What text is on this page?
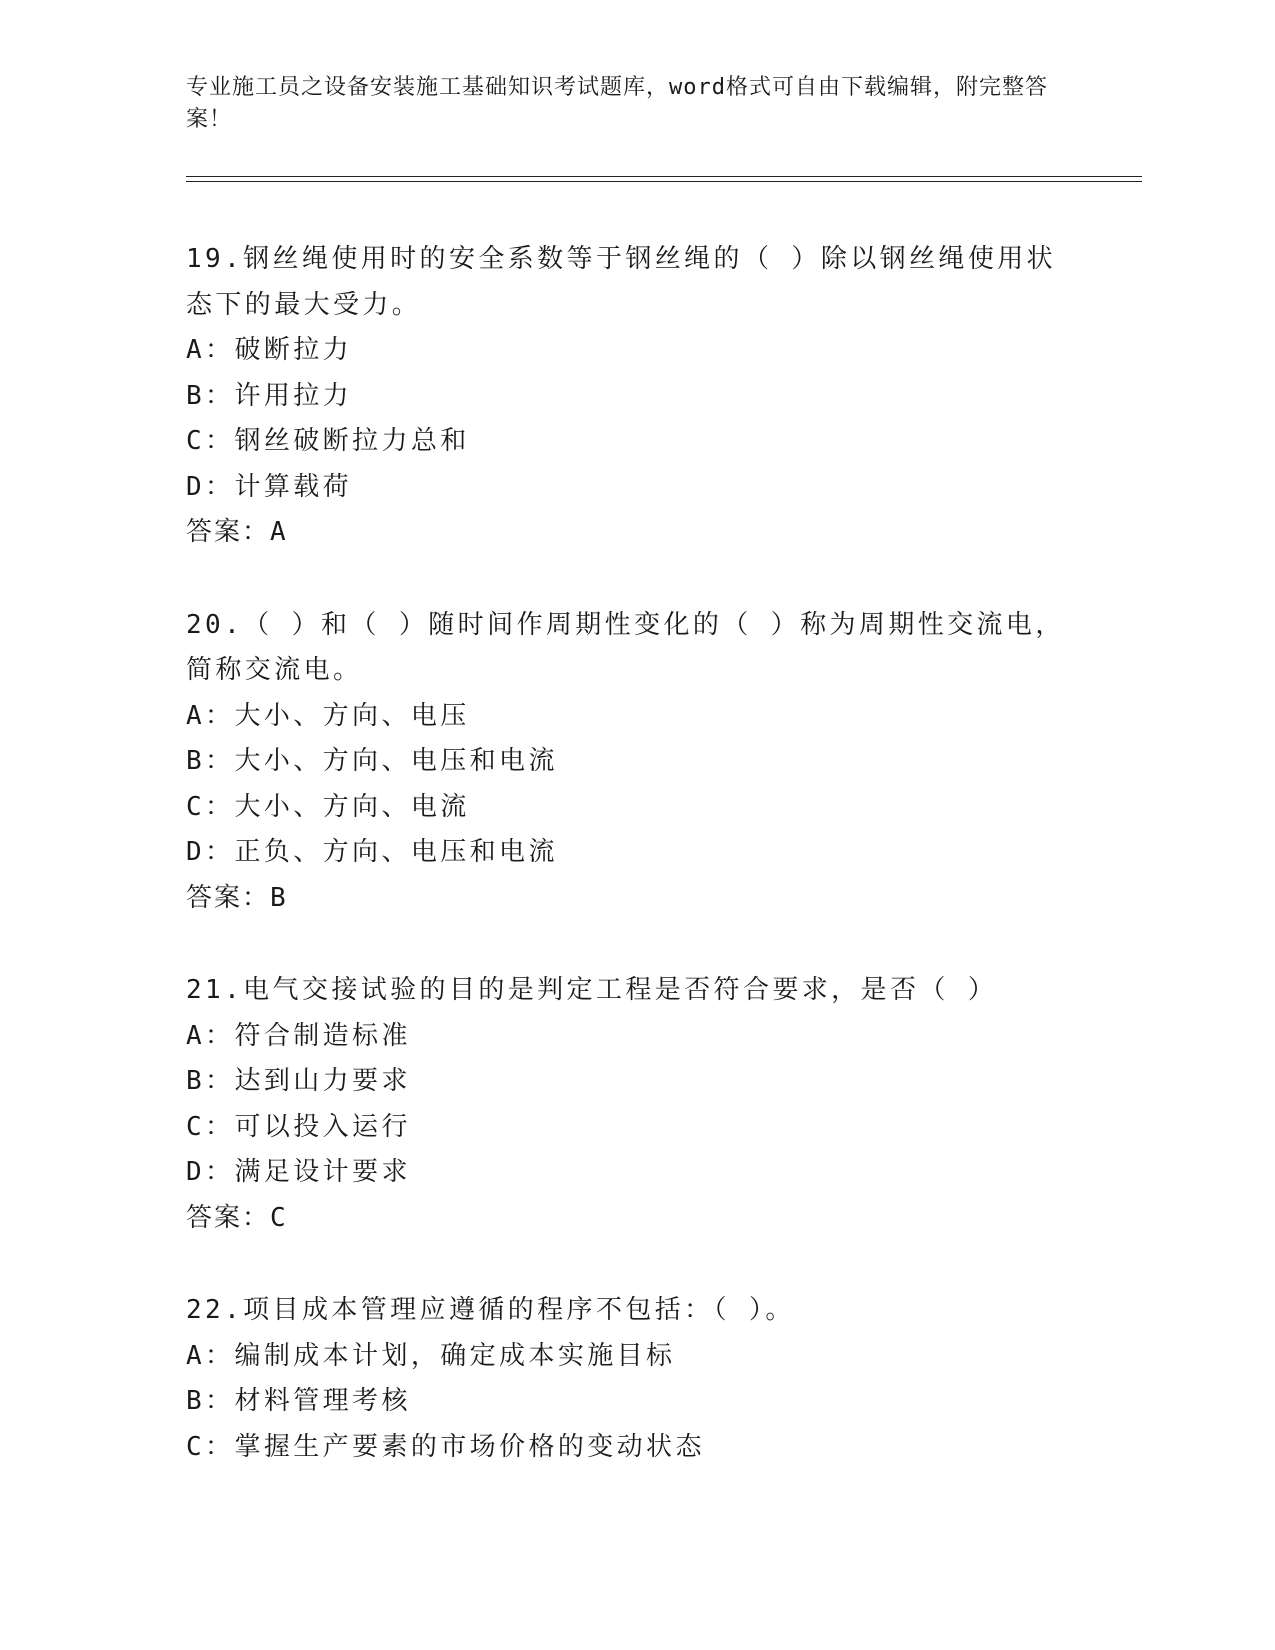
专业施工员之设备安装施工基础知识考试题库，word格式可自由下载编辑，附完整答案！
19.钢丝绳使用时的安全系数等于钢丝绳的（ ）除以钢丝绳使用状态下的最大受力。
A：破断拉力
B：许用拉力
C：钢丝破断拉力总和
D：计算载荷
答案：A
20.（ ）和（ ）随时间作周期性变化的（ ）称为周期性交流电，简称交流电。
A：大小、方向、电压
B：大小、方向、电压和电流
C：大小、方向、电流
D：正负、方向、电压和电流
答案：B
21.电气交接试验的目的是判定工程是否符合要求，是否（ ）
A：符合制造标准
B：达到山力要求
C：可以投入运行
D：满足设计要求
答案：C
22.项目成本管理应遵循的程序不包括：（ ）。
A：编制成本计划，确定成本实施目标
B：材料管理考核
C：掌握生产要素的市场价格的变动状态
